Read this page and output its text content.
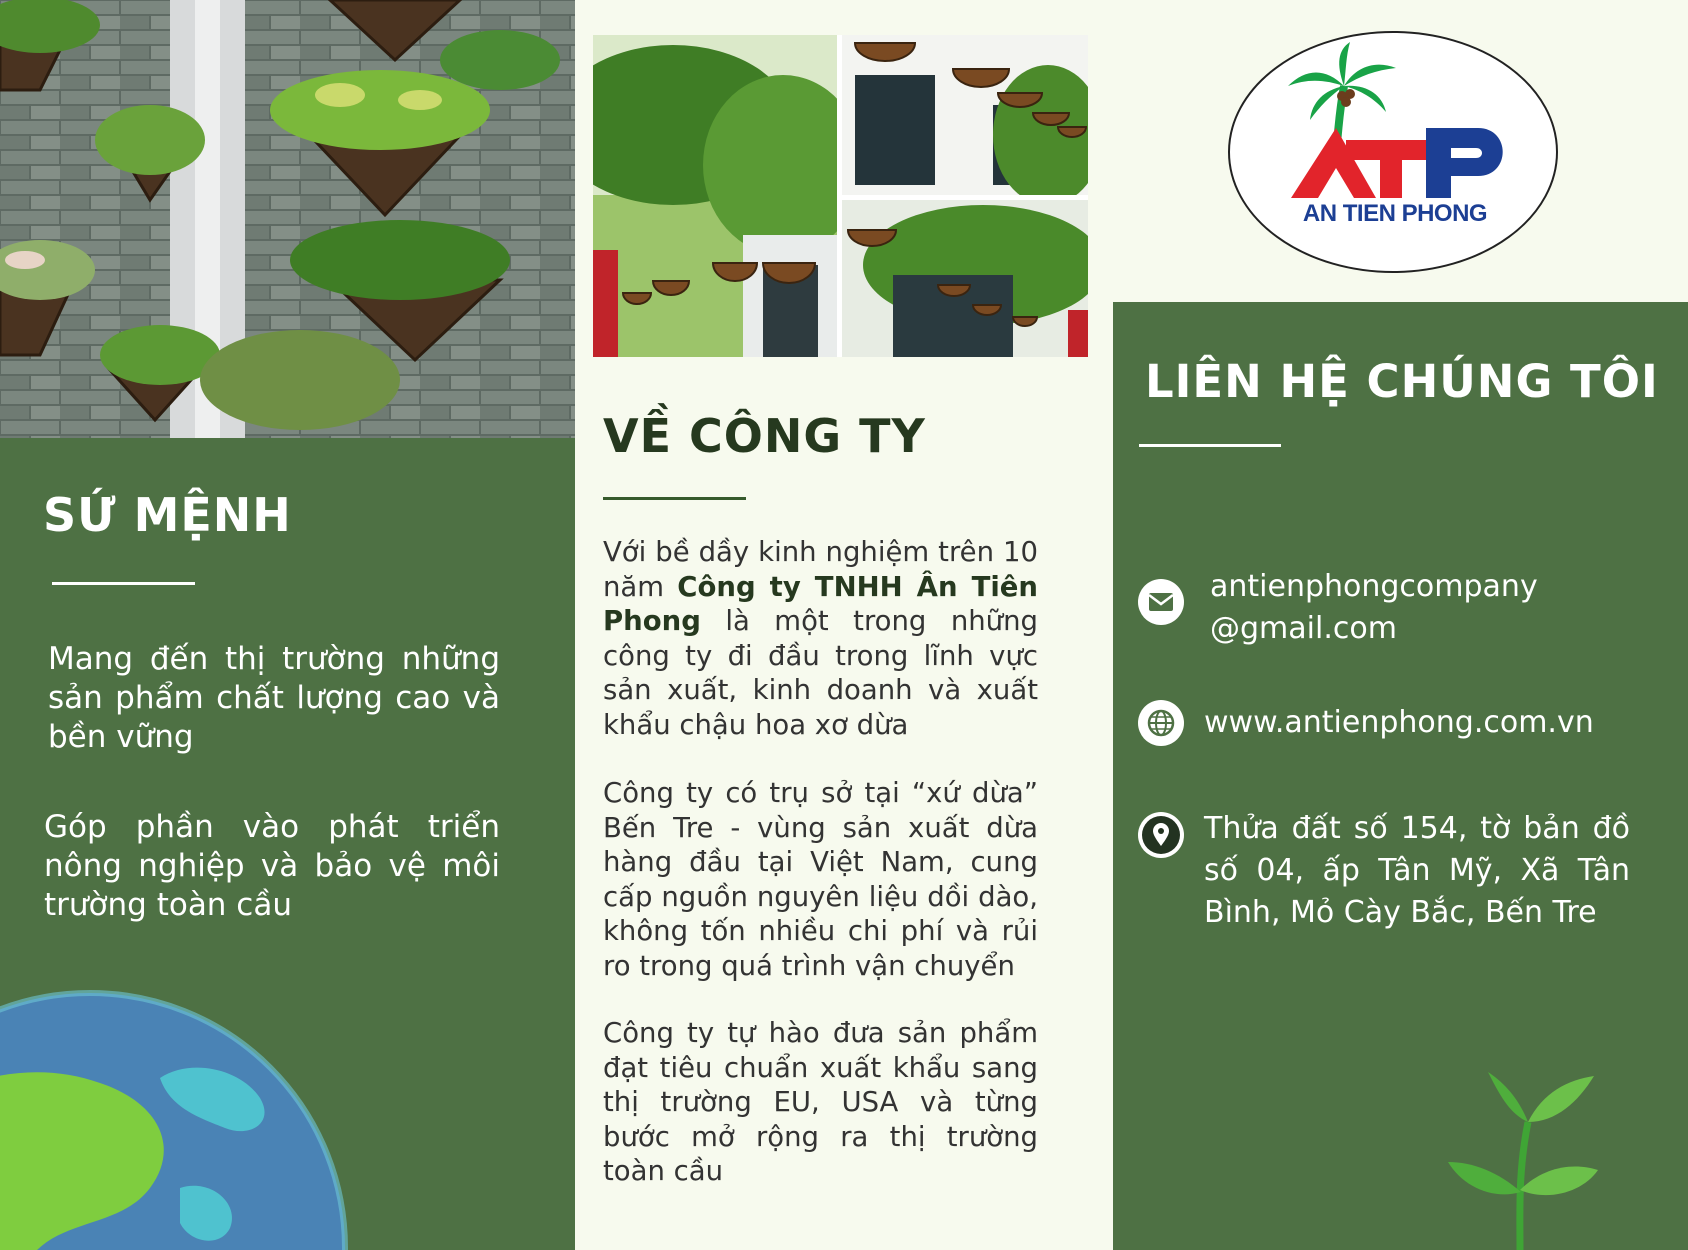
SỨ MỆNH

Mang đến thị trường những sản phẩm chất lượng cao và bền vững

Góp phần vào phát triển nông nghiệp và bảo vệ môi trường toàn cầu

VỀ CÔNG TY

Với bề dầy kinh nghiệm trên 10 năm Công ty TNHH Ân Tiên Phong là một trong những công ty đi đầu trong lĩnh vực sản xuất, kinh doanh và xuất khẩu chậu hoa xơ dừa

Công ty có trụ sở tại “xứ dừa” Bến Tre - vùng sản xuất dừa hàng đầu tại Việt Nam, cung cấp nguồn nguyên liệu dồi dào, không tốn nhiều chi phí và rủi ro trong quá trình vận chuyển

Công ty tự hào đưa sản phẩm đạt tiêu chuẩn xuất khẩu sang thị trường EU, USA và từng bước mở rộng ra thị trường toàn cầu

AN TIEN PHONG
LIÊN HỆ CHÚNG TÔI
antienphongcompany
@gmail.com
www.antienphong.com.vn

Thửa đất số 154, tờ bản đồ số 04, ấp Tân Mỹ, Xã Tân Bình, Mỏ Cày Bắc, Bến Tre
